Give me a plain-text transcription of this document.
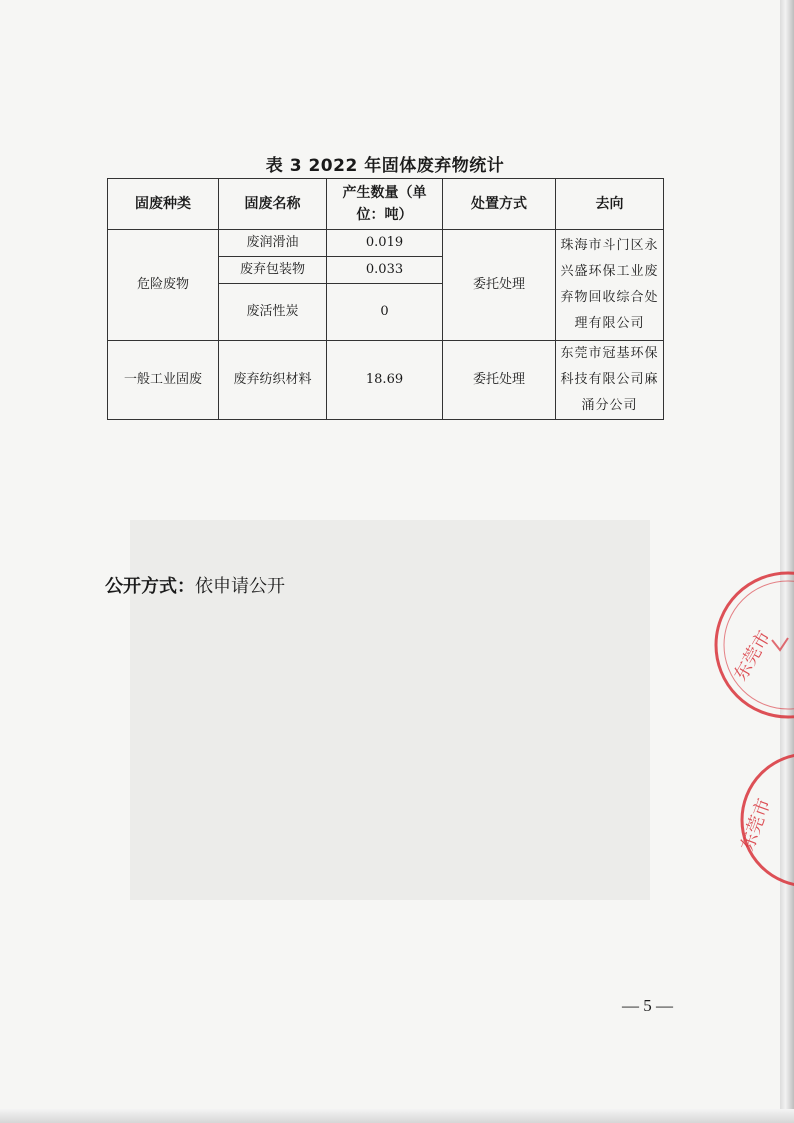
表 3 2022 年固体废弃物统计
固废种类	固废名称	产生数量（单位：吨）	处置方式	去向
危险废物	废润滑油	0.019	委托处理	珠海市斗门区永兴盛环保工业废弃物回收综合处理有限公司
	废弃包装物	0.033		
	废活性炭	0		
一般工业固废	废弃纺织材料	18.69	委托处理	东莞市冠基环保科技有限公司麻涌分公司
公开方式：依申请公开
东莞市
东莞市
— 5 —
